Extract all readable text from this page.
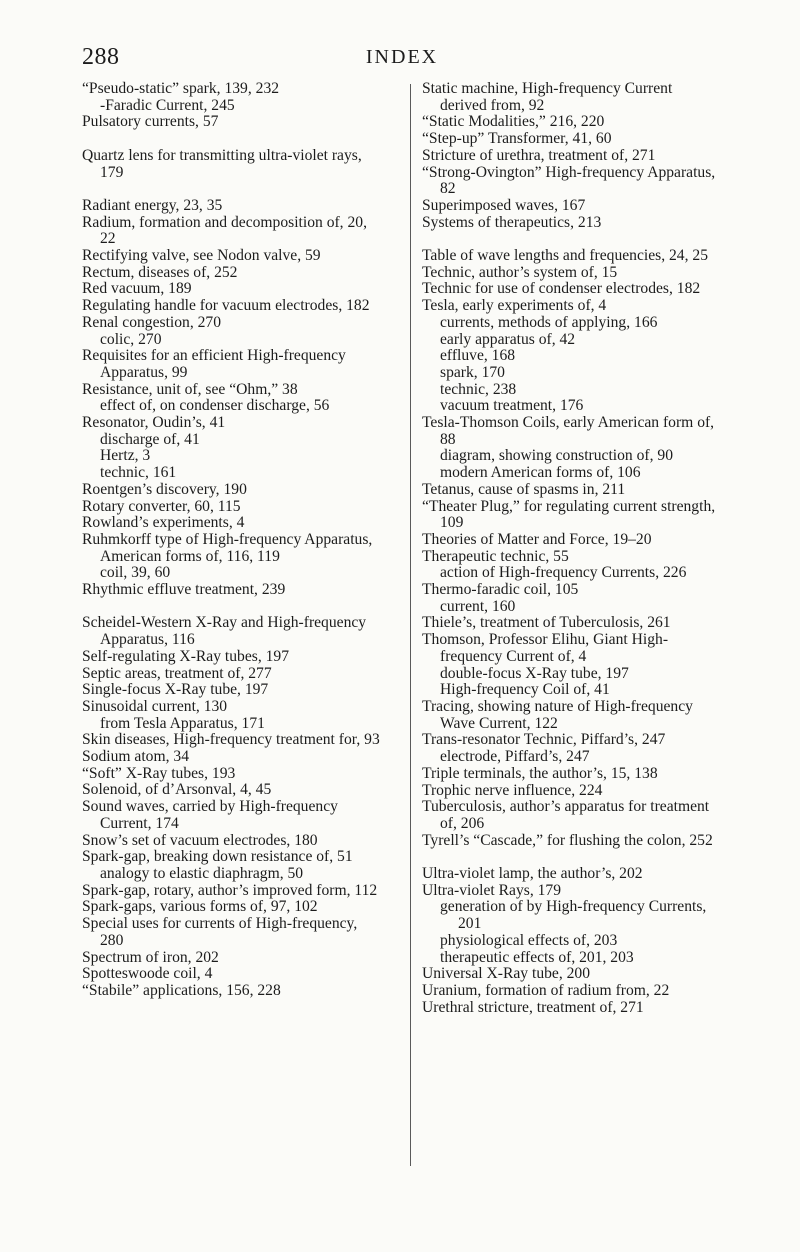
288	INDEX
“Pseudo-static” spark, 139, 232
-Faradic Current, 245
Pulsatory currents, 57
Quartz lens for transmitting ultra-violet rays, 179
Radiant energy, 23, 35
Radium, formation and decomposition of, 20, 22
Rectifying valve, see Nodon valve, 59
Rectum, diseases of, 252
Red vacuum, 189
Regulating handle for vacuum electrodes, 182
Renal congestion, 270
colic, 270
Requisites for an efficient High-frequency Apparatus, 99
Resistance, unit of, see “Ohm,” 38
effect of, on condenser discharge, 56
Resonator, Oudin’s, 41
discharge of, 41
Hertz, 3
technic, 161
Roentgen’s discovery, 190
Rotary converter, 60, 115
Rowland’s experiments, 4
Ruhmkorff type of High-frequency Apparatus, American forms of, 116, 119
coil, 39, 60
Rhythmic effluve treatment, 239
Scheidel-Western X-Ray and High-frequency Apparatus, 116
Self-regulating X-Ray tubes, 197
Septic areas, treatment of, 277
Single-focus X-Ray tube, 197
Sinusoidal current, 130
from Tesla Apparatus, 171
Skin diseases, High-frequency treatment for, 93
Sodium atom, 34
“Soft” X-Ray tubes, 193
Solenoid, of d’Arsonval, 4, 45
Sound waves, carried by High-frequency Current, 174
Snow’s set of vacuum electrodes, 180
Spark-gap, breaking down resistance of, 51
analogy to elastic diaphragm, 50
Spark-gap, rotary, author’s improved form, 112
Spark-gaps, various forms of, 97, 102
Special uses for currents of High-frequency, 280
Spectrum of iron, 202
Spotteswoode coil, 4
“Stabile” applications, 156, 228
Static machine, High-frequency Current derived from, 92
“Static Modalities,” 216, 220
“Step-up” Transformer, 41, 60
Stricture of urethra, treatment of, 271
“Strong-Ovington” High-frequency Apparatus, 82
Superimposed waves, 167
Systems of therapeutics, 213
Table of wave lengths and frequencies, 24, 25
Technic, author’s system of, 15
Technic for use of condenser electrodes, 182
Tesla, early experiments of, 4
currents, methods of applying, 166
early apparatus of, 42
effluve, 168
spark, 170
technic, 238
vacuum treatment, 176
Tesla-Thomson Coils, early American form of, 88
diagram, showing construction of, 90
modern American forms of, 106
Tetanus, cause of spasms in, 211
“Theater Plug,” for regulating current strength, 109
Theories of Matter and Force, 19–20
Therapeutic technic, 55
action of High-frequency Currents, 226
Thermo-faradic coil, 105
current, 160
Thiele’s, treatment of Tuberculosis, 261
Thomson, Professor Elihu, Giant High-frequency Current of, 4
double-focus X-Ray tube, 197
High-frequency Coil of, 41
Tracing, showing nature of High-frequency Wave Current, 122
Trans-resonator Technic, Piffard’s, 247
electrode, Piffard’s, 247
Triple terminals, the author’s, 15, 138
Trophic nerve influence, 224
Tuberculosis, author’s apparatus for treatment of, 206
Tyrell’s “Cascade,” for flushing the colon, 252
Ultra-violet lamp, the author’s, 202
Ultra-violet Rays, 179
generation of by High-frequency Currents, 201
physiological effects of, 203
therapeutic effects of, 201, 203
Universal X-Ray tube, 200
Uranium, formation of radium from, 22
Urethral stricture, treatment of, 271
